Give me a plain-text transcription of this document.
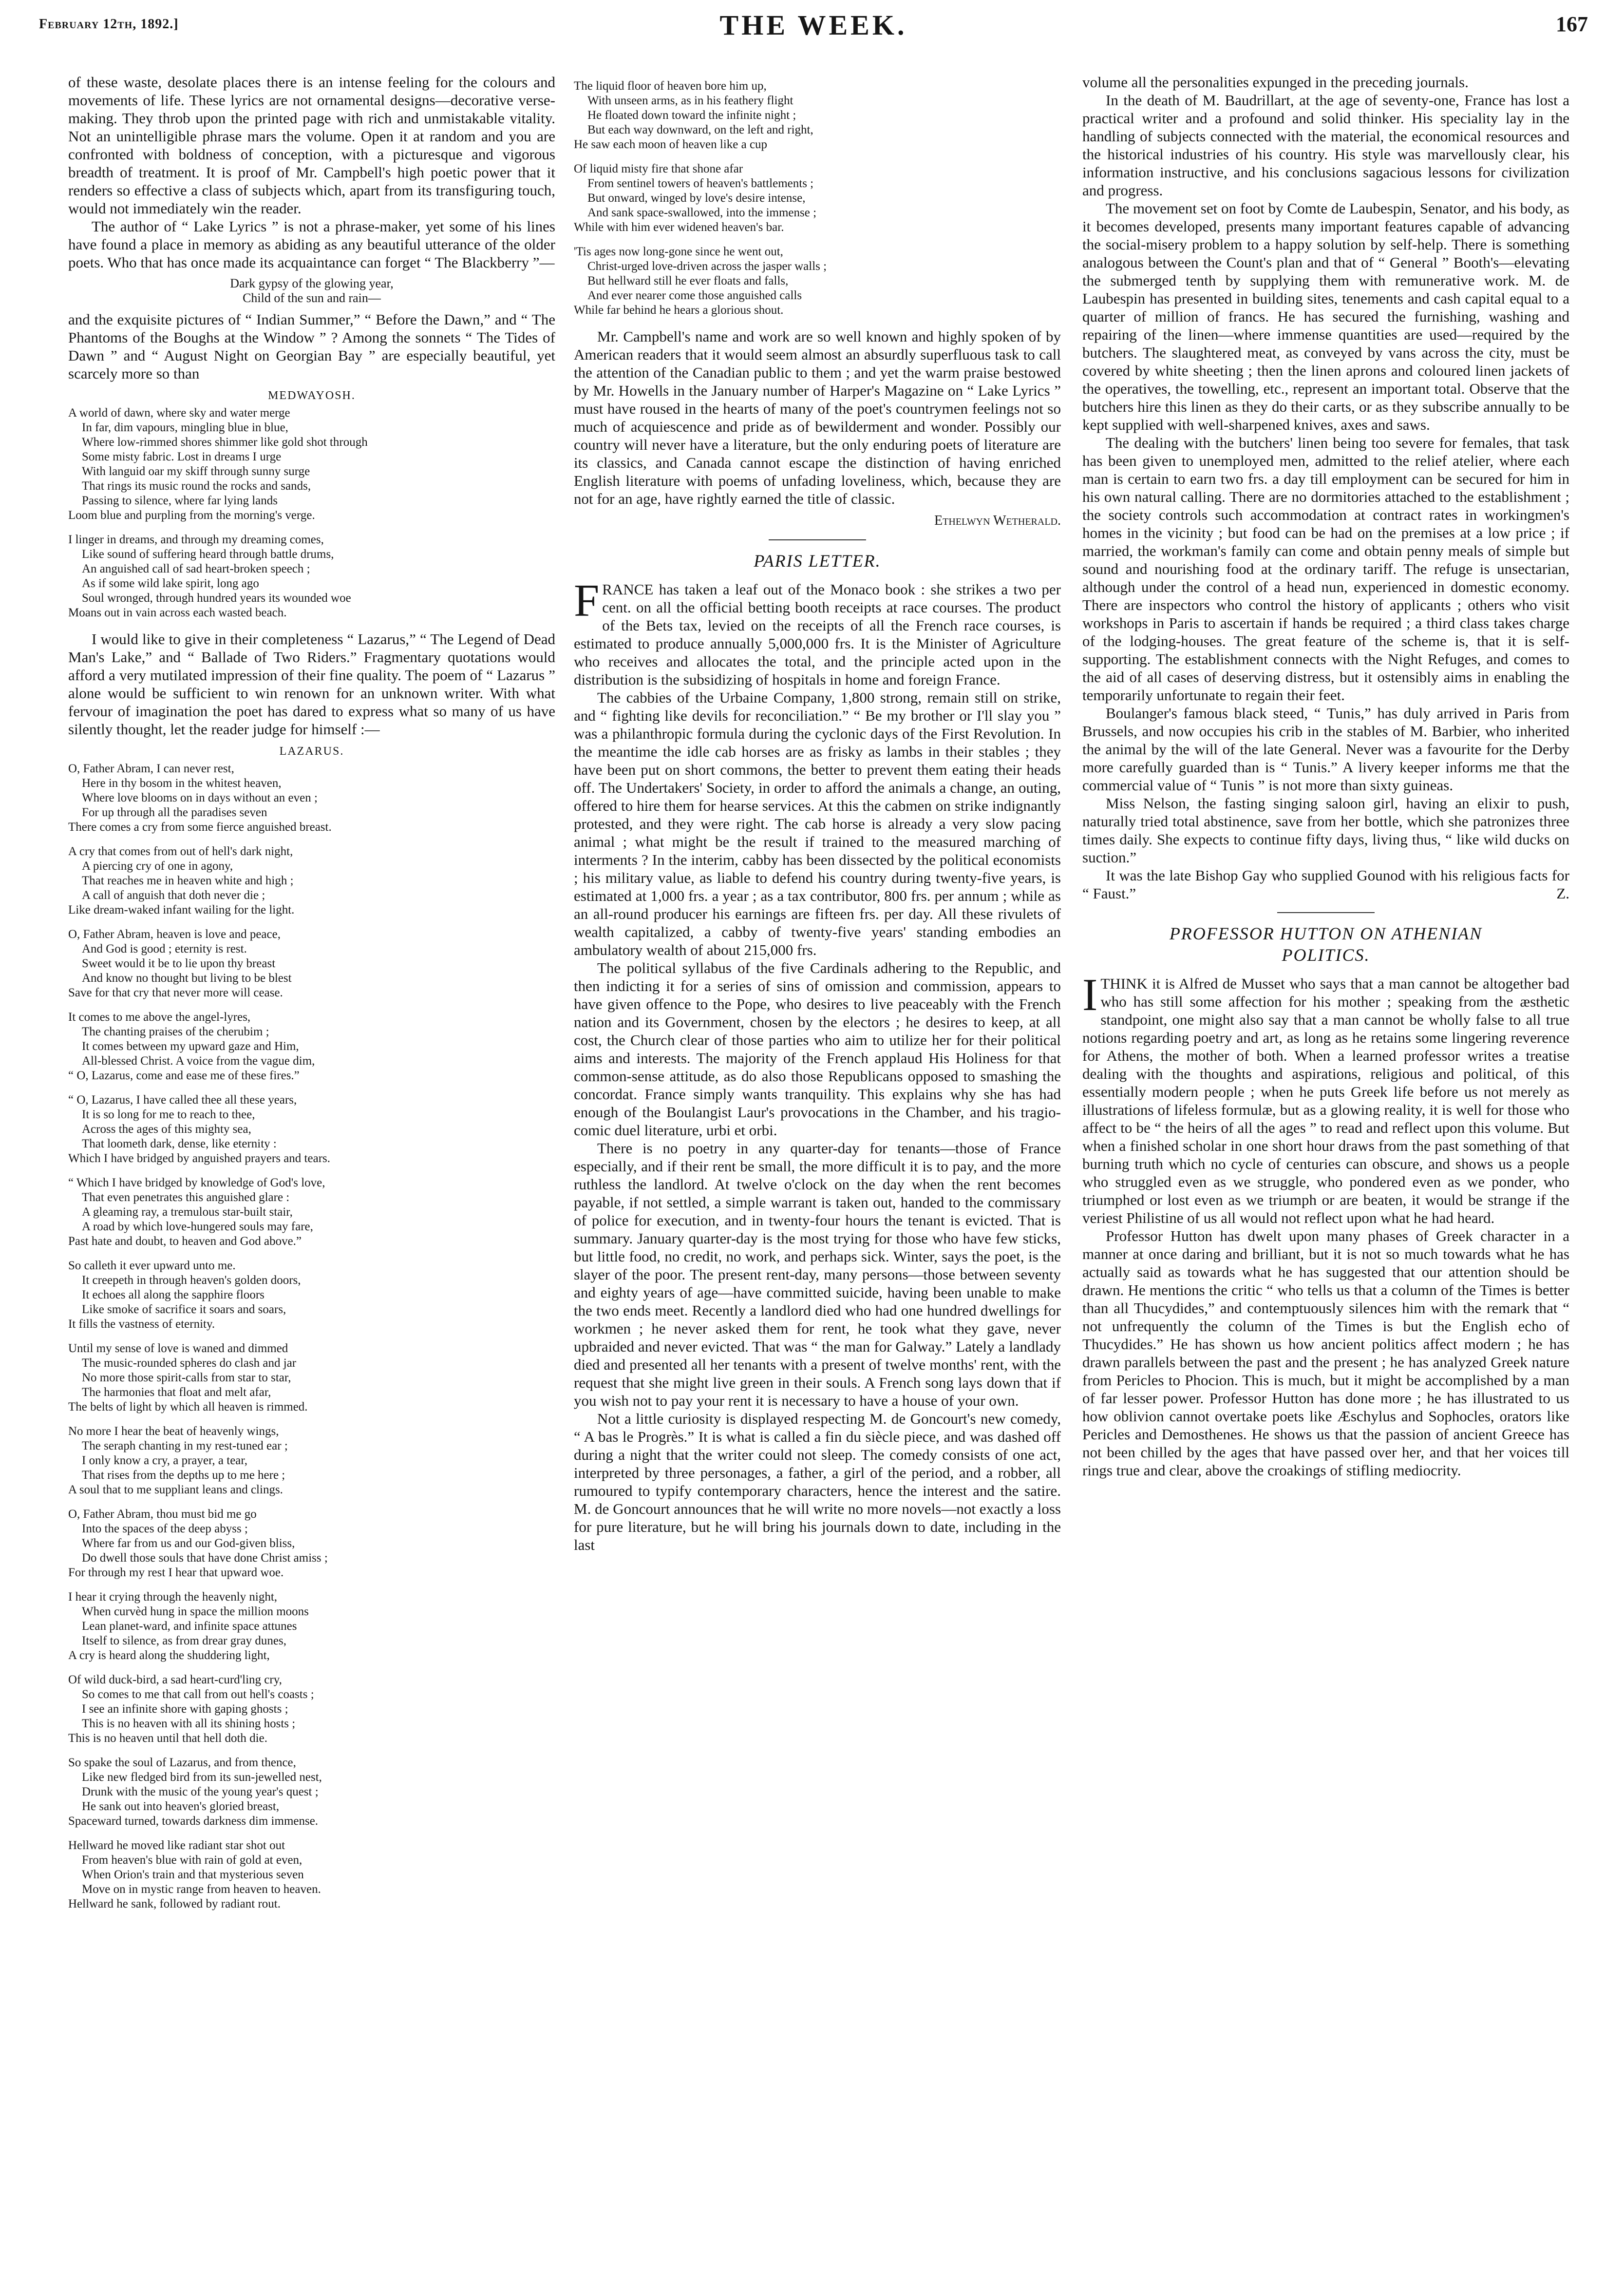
February 12th, 1892.]	THE WEEK.	167

of these waste, desolate places there is an intense feeling for the colours and movements of life. These lyrics are not ornamental designs—decorative verse-making. They throb upon the printed page with rich and unmistakable vitality. Not an unintelligible phrase mars the volume. Open it at random and you are confronted with boldness of conception, with a picturesque and vigorous breadth of treatment. It is proof of Mr. Campbell's high poetic power that it renders so effective a class of subjects which, apart from its transfiguring touch, would not immediately win the reader.

The author of “ Lake Lyrics ” is not a phrase-maker, yet some of his lines have found a place in memory as abiding as any beautiful utterance of the older poets. Who that has once made its acquaintance can forget “ The Blackberry ”—

Dark gypsy of the glowing year,
Child of the sun and rain—

and the exquisite pictures of “ Indian Summer,” “ Before the Dawn,” and “ The Phantoms of the Boughs at the Window ” ? Among the sonnets “ The Tides of Dawn ” and “ August Night on Georgian Bay ” are especially beautiful, yet scarcely more so than

MEDWAYOSH.
A world of dawn, where sky and water merge
In far, dim vapours, mingling blue in blue,
Where low-rimmed shores shimmer like gold shot through
Some misty fabric. Lost in dreams I urge
With languid oar my skiff through sunny surge
That rings its music round the rocks and sands,
Passing to silence, where far lying lands
Loom blue and purpling from the morning's verge.
I linger in dreams, and through my dreaming comes,
Like sound of suffering heard through battle drums,
An anguished call of sad heart-broken speech ;
As if some wild lake spirit, long ago
Soul wronged, through hundred years its wounded woe
Moans out in vain across each wasted beach.

I would like to give in their completeness “ Lazarus,” “ The Legend of Dead Man's Lake,” and “ Ballade of Two Riders.” Fragmentary quotations would afford a very mutilated impression of their fine quality. The poem of “ Lazarus ” alone would be sufficient to win renown for an unknown writer. With what fervour of imagination the poet has dared to express what so many of us have silently thought, let the reader judge for himself :—

LAZARUS.
O, Father Abram, I can never rest,
Here in thy bosom in the whitest heaven,
Where love blooms on in days without an even ;
For up through all the paradises seven
There comes a cry from some fierce anguished breast.
A cry that comes from out of hell's dark night,
A piercing cry of one in agony,
That reaches me in heaven white and high ;
A call of anguish that doth never die ;
Like dream-waked infant wailing for the light.
O, Father Abram, heaven is love and peace,
And God is good ; eternity is rest.
Sweet would it be to lie upon thy breast
And know no thought but living to be blest
Save for that cry that never more will cease.
It comes to me above the angel-lyres,
The chanting praises of the cherubim ;
It comes between my upward gaze and Him,
All-blessed Christ. A voice from the vague dim,
“ O, Lazarus, come and ease me of these fires.”
“ O, Lazarus, I have called thee all these years,
It is so long for me to reach to thee,
Across the ages of this mighty sea,
That loometh dark, dense, like eternity :
Which I have bridged by anguished prayers and tears.
“ Which I have bridged by knowledge of God's love,
That even penetrates this anguished glare :
A gleaming ray, a tremulous star-built stair,
A road by which love-hungered souls may fare,
Past hate and doubt, to heaven and God above.”
So calleth it ever upward unto me.
It creepeth in through heaven's golden doors,
It echoes all along the sapphire floors
Like smoke of sacrifice it soars and soars,
It fills the vastness of eternity.
Until my sense of love is waned and dimmed
The music-rounded spheres do clash and jar
No more those spirit-calls from star to star,
The harmonies that float and melt afar,
The belts of light by which all heaven is rimmed.
No more I hear the beat of heavenly wings,
The seraph chanting in my rest-tuned ear ;
I only know a cry, a prayer, a tear,
That rises from the depths up to me here ;
A soul that to me suppliant leans and clings.
O, Father Abram, thou must bid me go
Into the spaces of the deep abyss ;
Where far from us and our God-given bliss,
Do dwell those souls that have done Christ amiss ;
For through my rest I hear that upward woe.
I hear it crying through the heavenly night,
When curvèd hung in space the million moons
Lean planet-ward, and infinite space attunes
Itself to silence, as from drear gray dunes,
A cry is heard along the shuddering light,
Of wild duck-bird, a sad heart-curd'ling cry,
So comes to me that call from out hell's coasts ;
I see an infinite shore with gaping ghosts ;
This is no heaven with all its shining hosts ;
This is no heaven until that hell doth die.
So spake the soul of Lazarus, and from thence,
Like new fledged bird from its sun-jewelled nest,
Drunk with the music of the young year's quest ;
He sank out into heaven's gloried breast,
Spaceward turned, towards darkness dim immense.
Hellward he moved like radiant star shot out
From heaven's blue with rain of gold at even,
When Orion's train and that mysterious seven
Move on in mystic range from heaven to heaven.
Hellward he sank, followed by radiant rout.
The liquid floor of heaven bore him up,
With unseen arms, as in his feathery flight
He floated down toward the infinite night ;
But each way downward, on the left and right,
He saw each moon of heaven like a cup
Of liquid misty fire that shone afar
From sentinel towers of heaven's battlements ;
But onward, winged by love's desire intense,
And sank space-swallowed, into the immense ;
While with him ever widened heaven's bar.
'Tis ages now long-gone since he went out,
Christ-urged love-driven across the jasper walls ;
But hellward still he ever floats and falls,
And ever nearer come those anguished calls
While far behind he hears a glorious shout.

Mr. Campbell's name and work are so well known and highly spoken of by American readers that it would seem almost an absurdly superfluous task to call the attention of the Canadian public to them ; and yet the warm praise bestowed by Mr. Howells in the January number of Harper's Magazine on “ Lake Lyrics ” must have roused in the hearts of many of the poet's countrymen feelings not so much of acquiescence and pride as of bewilderment and wonder. Possibly our country will never have a literature, but the only enduring poets of literature are its classics, and Canada cannot escape the distinction of having enriched English literature with poems of unfading loveliness, which, because they are not for an age, have rightly earned the title of classic.

Ethelwyn Wetherald.
PARIS LETTER.

FRANCE has taken a leaf out of the Monaco book : she strikes a two per cent. on all the official betting booth receipts at race courses. The product of the Bets tax, levied on the receipts of all the French race courses, is estimated to produce annually 5,000,000 frs. It is the Minister of Agriculture who receives and allocates the total, and the principle acted upon in the distribution is the subsidizing of hospitals in home and foreign France.

The cabbies of the Urbaine Company, 1,800 strong, remain still on strike, and “ fighting like devils for reconciliation.” “ Be my brother or I'll slay you ” was a philanthropic formula during the cyclonic days of the First Revolution. In the meantime the idle cab horses are as frisky as lambs in their stables ; they have been put on short commons, the better to prevent them eating their heads off. The Undertakers' Society, in order to afford the animals a change, an outing, offered to hire them for hearse services. At this the cabmen on strike indignantly protested, and they were right. The cab horse is already a very slow pacing animal ; what might be the result if trained to the measured marching of interments ? In the interim, cabby has been dissected by the political economists ; his military value, as liable to defend his country during twenty-five years, is estimated at 1,000 frs. a year ; as a tax contributor, 800 frs. per annum ; while as an all-round producer his earnings are fifteen frs. per day. All these rivulets of wealth capitalized, a cabby of twenty-five years' standing embodies an ambulatory wealth of about 215,000 frs.

The political syllabus of the five Cardinals adhering to the Republic, and then indicting it for a series of sins of omission and commission, appears to have given offence to the Pope, who desires to live peaceably with the French nation and its Government, chosen by the electors ; he desires to keep, at all cost, the Church clear of those parties who aim to utilize her for their political aims and interests. The majority of the French applaud His Holiness for that common-sense attitude, as do also those Republicans opposed to smashing the concordat. France simply wants tranquility. This explains why she has had enough of the Boulangist Laur's provocations in the Chamber, and his tragio-comic duel literature, urbi et orbi.

There is no poetry in any quarter-day for tenants—those of France especially, and if their rent be small, the more difficult it is to pay, and the more ruthless the landlord. At twelve o'clock on the day when the rent becomes payable, if not settled, a simple warrant is taken out, handed to the commissary of police for execution, and in twenty-four hours the tenant is evicted. That is summary. January quarter-day is the most trying for those who have few sticks, but little food, no credit, no work, and perhaps sick. Winter, says the poet, is the slayer of the poor. The present rent-day, many persons—those between seventy and eighty years of age—have committed suicide, having been unable to make the two ends meet. Recently a landlord died who had one hundred dwellings for workmen ; he never asked them for rent, he took what they gave, never upbraided and never evicted. That was “ the man for Galway.” Lately a landlady died and presented all her tenants with a present of twelve months' rent, with the request that she might live green in their souls. A French song lays down that if you wish not to pay your rent it is necessary to have a house of your own.

Not a little curiosity is displayed respecting M. de Goncourt's new comedy, “ A bas le Progrès.” It is what is called a fin du siècle piece, and was dashed off during a night that the writer could not sleep. The comedy consists of one act, interpreted by three personages, a father, a girl of the period, and a robber, all rumoured to typify contemporary characters, hence the interest and the satire. M. de Goncourt announces that he will write no more novels—not exactly a loss for pure literature, but he will bring his journals down to date, including in the last

volume all the personalities expunged in the preceding journals.

In the death of M. Baudrillart, at the age of seventy-one, France has lost a practical writer and a profound and solid thinker. His speciality lay in the handling of subjects connected with the material, the economical resources and the historical industries of his country. His style was marvellously clear, his information instructive, and his conclusions sagacious lessons for civilization and progress.

The movement set on foot by Comte de Laubespin, Senator, and his body, as it becomes developed, presents many important features capable of advancing the social-misery problem to a happy solution by self-help. There is something analogous between the Count's plan and that of “ General ” Booth's—elevating the submerged tenth by supplying them with remunerative work. M. de Laubespin has presented in building sites, tenements and cash capital equal to a quarter of million of francs. He has secured the furnishing, washing and repairing of the linen—where immense quantities are used—required by the butchers. The slaughtered meat, as conveyed by vans across the city, must be covered by white sheeting ; then the linen aprons and coloured linen jackets of the operatives, the towelling, etc., represent an important total. Observe that the butchers hire this linen as they do their carts, or as they subscribe annually to be kept supplied with well-sharpened knives, axes and saws.

The dealing with the butchers' linen being too severe for females, that task has been given to unemployed men, admitted to the relief atelier, where each man is certain to earn two frs. a day till employment can be secured for him in his own natural calling. There are no dormitories attached to the establishment ; the society controls such accommodation at contract rates in workingmen's homes in the vicinity ; but food can be had on the premises at a low price ; if married, the workman's family can come and obtain penny meals of simple but sound and nourishing food at the ordinary tariff. The refuge is unsectarian, although under the control of a head nun, experienced in domestic economy. There are inspectors who control the history of applicants ; others who visit workshops in Paris to ascertain if hands be required ; a third class takes charge of the lodging-houses. The great feature of the scheme is, that it is self-supporting. The establishment connects with the Night Refuges, and comes to the aid of all cases of deserving distress, but it ostensibly aims in enabling the temporarily unfortunate to regain their feet.

Boulanger's famous black steed, “ Tunis,” has duly arrived in Paris from Brussels, and now occupies his crib in the stables of M. Barbier, who inherited the animal by the will of the late General. Never was a favourite for the Derby more carefully guarded than is “ Tunis.” A livery keeper informs me that the commercial value of “ Tunis ” is not more than sixty guineas.

Miss Nelson, the fasting singing saloon girl, having an elixir to push, naturally tried total abstinence, save from her bottle, which she patronizes three times daily. She expects to continue fifty days, living thus, “ like wild ducks on suction.”

It was the late Bishop Gay who supplied Gounod with his religious facts for “ Faust.”	Z.

PROFESSOR HUTTON ON ATHENIAN
POLITICS.

ITHINK it is Alfred de Musset who says that a man cannot be altogether bad who has still some affection for his mother ; speaking from the æsthetic standpoint, one might also say that a man cannot be wholly false to all true notions regarding poetry and art, as long as he retains some lingering reverence for Athens, the mother of both. When a learned professor writes a treatise dealing with the thoughts and aspirations, religious and political, of this essentially modern people ; when he puts Greek life before us not merely as illustrations of lifeless formulæ, but as a glowing reality, it is well for those who affect to be “ the heirs of all the ages ” to read and reflect upon this volume. But when a finished scholar in one short hour draws from the past something of that burning truth which no cycle of centuries can obscure, and shows us a people who struggled even as we struggle, who pondered even as we ponder, who triumphed or lost even as we triumph or are beaten, it would be strange if the veriest Philistine of us all would not reflect upon what he had heard.

Professor Hutton has dwelt upon many phases of Greek character in a manner at once daring and brilliant, but it is not so much towards what he has actually said as towards what he has suggested that our attention should be drawn. He mentions the critic “ who tells us that a column of the Times is better than all Thucydides,” and contemptuously silences him with the remark that “ not unfrequently the column of the Times is but the English echo of Thucydides.” He has shown us how ancient politics affect modern ; he has drawn parallels between the past and the present ; he has analyzed Greek nature from Pericles to Phocion. This is much, but it might be accomplished by a man of far lesser power. Professor Hutton has done more ; he has illustrated to us how oblivion cannot overtake poets like Æschylus and Sophocles, orators like Pericles and Demosthenes. He shows us that the passion of ancient Greece has not been chilled by the ages that have passed over her, and that her voices till rings true and clear, above the croakings of stifling mediocrity.
